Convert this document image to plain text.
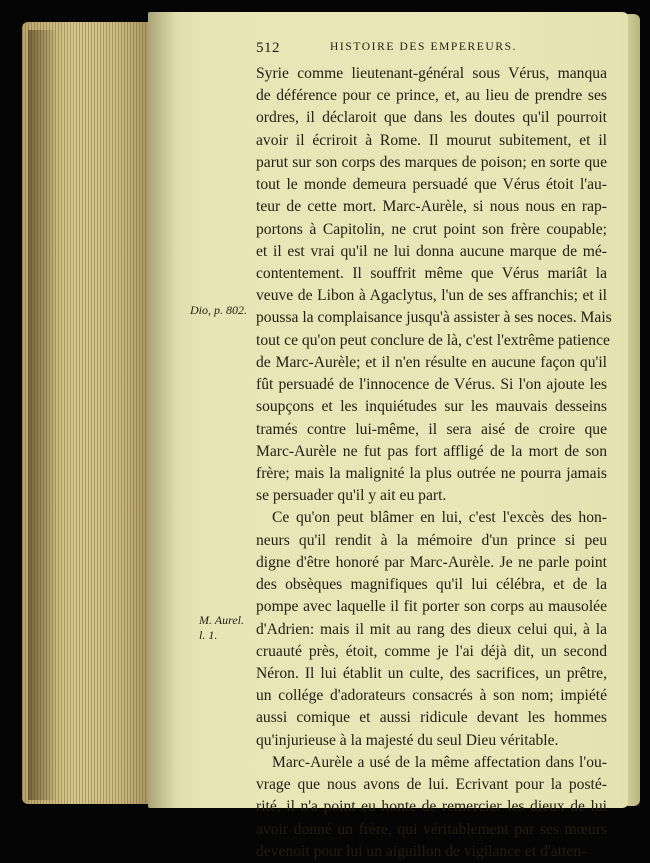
512	HISTOIRE DES EMPEREURS.
Syrie comme lieutenant-général sous Vérus, manqua
de déférence pour ce prince, et, au lieu de prendre ses
ordres, il déclaroit que dans les doutes qu'il pourroit
avoir il écriroit à Rome. Il mourut subitement, et il
parut sur son corps des marques de poison; en sorte que
tout le monde demeura persuadé que Vérus étoit l'au-
teur de cette mort. Marc-Aurèle, si nous nous en rap-
portons à Capitolin, ne crut point son frère coupable;
et il est vrai qu'il ne lui donna aucune marque de mé-
contentement. Il souffrit même que Vérus mariât la
veuve de Libon à Agaclytus, l'un de ses affranchis; et il
poussa la complaisance jusqu'à assister à ses noces. Mais
tout ce qu'on peut conclure de là, c'est l'extrême patience
de Marc-Aurèle; et il n'en résulte en aucune façon qu'il
fût persuadé de l'innocence de Vérus. Si l'on ajoute les
soupçons et les inquiétudes sur les mauvais desseins
tramés contre lui-même, il sera aisé de croire que
Marc-Aurèle ne fut pas fort affligé de la mort de son
frère; mais la malignité la plus outrée ne pourra jamais
se persuader qu'il y ait eu part.
Ce qu'on peut blâmer en lui, c'est l'excès des hon-
neurs qu'il rendit à la mémoire d'un prince si peu
digne d'être honoré par Marc-Aurèle. Je ne parle point
des obsèques magnifiques qu'il lui célébra, et de la
pompe avec laquelle il fit porter son corps au mausolée
d'Adrien: mais il mit au rang des dieux celui qui, à la
cruauté près, étoit, comme je l'ai déjà dit, un second
Néron. Il lui établit un culte, des sacrifices, un prêtre,
un collége d'adorateurs consacrés à son nom; impiété
aussi comique et aussi ridicule devant les hommes
qu'injurieuse à la majesté du seul Dieu véritable.
Marc-Aurèle a usé de la même affectation dans l'ou-
vrage que nous avons de lui. Ecrivant pour la posté-
rité, il n'a point eu honte de remercier les dieux de lui
avoir donné un frère, qui véritablement par ses mœurs
devenoit pour lui un aiguillon de vigilance et d'atten-
Dio, p. 802.
M. Aurel.
l. 1.
